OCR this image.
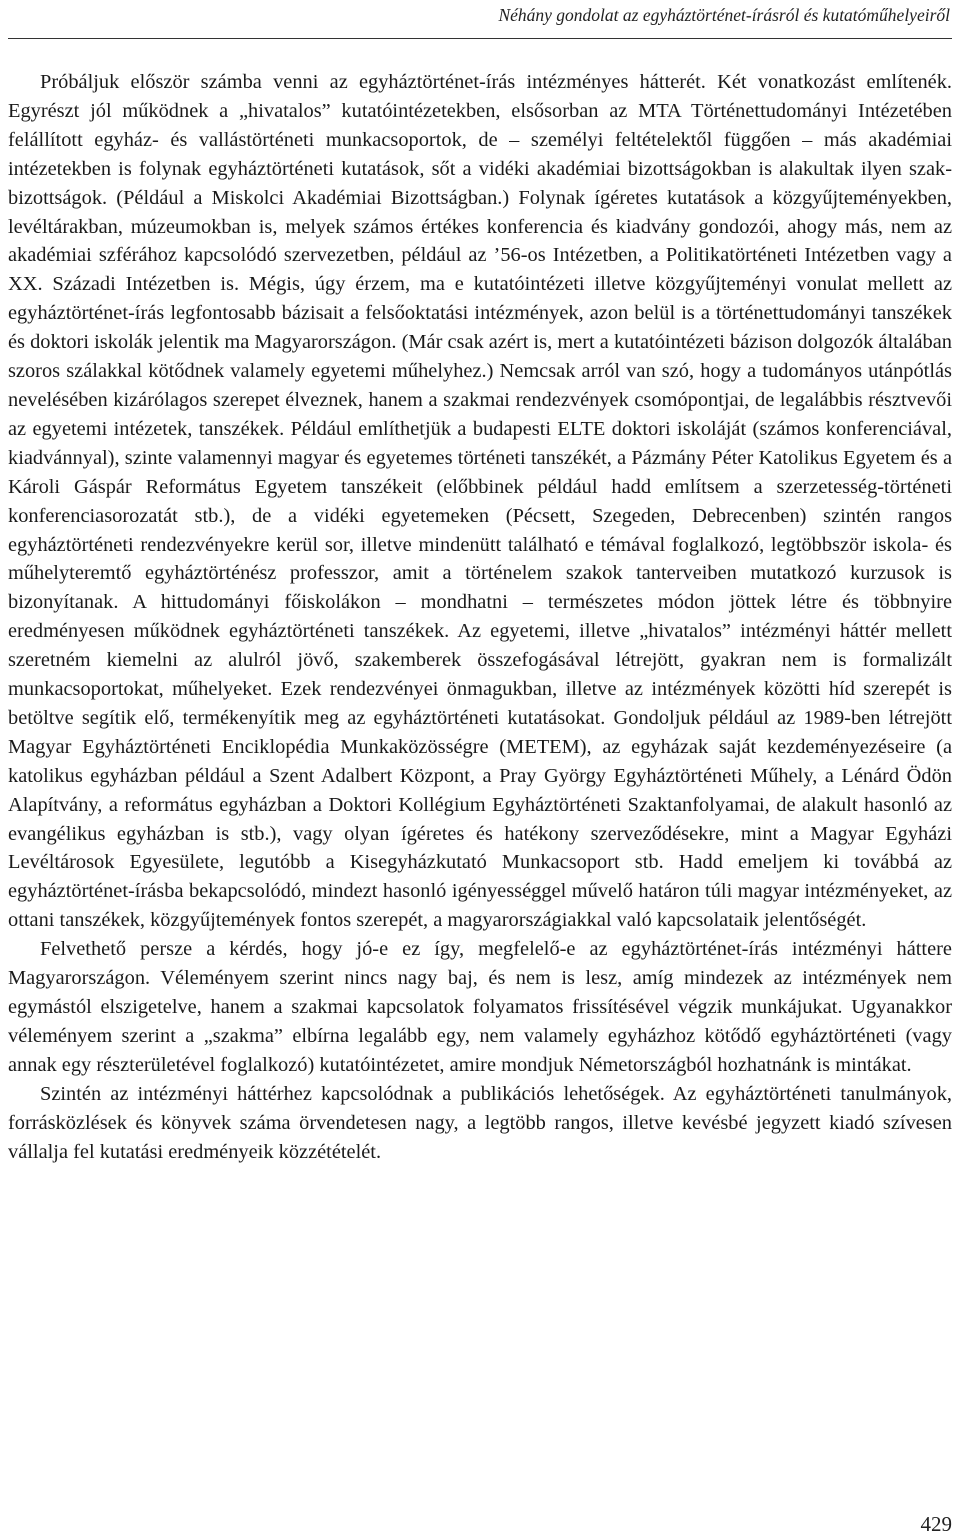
Néhány gondolat az egyháztörténet-írásról és kutatóműhelyeiről

Próbáljuk először számba venni az egyháztörténet-írás intézményes hátterét. Két vonatkozást említenék. Egyrészt jól működnek a „hivatalos” kutatóintézetekben, elsősorban az MTA Történettudományi Intézetében felállított egyház- és vallástörténeti munkacsoportok, de – személyi feltételektől függően – más akadémiai intézetekben is folynak egyháztörténeti kutatások, sőt a vidéki akadémiai bizottságokban is alakultak ilyen szakbizottságok. (Például a Miskolci Akadémiai Bizottságban.) Folynak ígéretes kutatások a közgyűjteményekben, levéltárakban, múzeumokban is, melyek számos értékes konferencia és kiadvány gondozói, ahogy más, nem az akadémiai szférához kapcsolódó szervezetben, például az ’56-os Intézetben, a Politikatörténeti Intézetben vagy a XX. Századi Intézetben is. Mégis, úgy érzem, ma e kutatóintézeti illetve közgyűjteményi vonulat mellett az egyháztörténet-írás legfontosabb bázisait a felsőoktatási intézmények, azon belül is a történettudományi tanszékek és doktori iskolák jelentik ma Magyarországon. (Már csak azért is, mert a kutatóintézeti bázison dolgozók általában szoros szálakkal kötődnek valamely egyetemi műhelyhez.) Nemcsak arról van szó, hogy a tudományos utánpótlás nevelésében kizárólagos szerepet élveznek, hanem a szakmai rendezvények csomópontjai, de legalábbis résztvevői az egyetemi intézetek, tanszékek. Például említhetjük a budapesti ELTE doktori iskoláját (számos konferenciával, kiadvánnyal), szinte valamennyi magyar és egyetemes történeti tanszékét, a Pázmány Péter Katolikus Egyetem és a Károli Gáspár Református Egyetem tanszékeit (előbbinek például hadd említsem a szerzetesség-történeti konferenciasorozatát stb.), de a vidéki egyetemeken (Pécsett, Szegeden, Debrecenben) szintén rangos egyháztörténeti rendezvényekre kerül sor, illetve mindenütt található e témával foglalkozó, legtöbbször iskola- és műhelyteremtő egyháztörténész professzor, amit a történelem szakok tanterveiben mutatkozó kurzusok is bizonyítanak. A hittudományi főiskolákon – mondhatni – természetes módon jöttek létre és többnyire eredményesen működnek egyháztörténeti tanszékek. Az egyetemi, illetve „hivatalos” intézményi háttér mellett szeretném kiemelni az alulról jövő, szakemberek összefogásával létrejött, gyakran nem is formalizált munkacsoportokat, műhelyeket. Ezek rendezvényei önmagukban, illetve az intézmények közötti híd szerepét is betöltve segítik elő, termékenyítik meg az egyháztörténeti kutatásokat. Gondoljuk például az 1989-ben létrejött Magyar Egyháztörténeti Enciklopédia Munkaközösségre (METEM), az egyházak saját kezdeményezéseire (a katolikus egyházban például a Szent Adalbert Központ, a Pray György Egyháztörténeti Műhely, a Lénárd Ödön Alapítvány, a református egyházban a Doktori Kollégium Egyháztörténeti Szaktanfolyamai, de alakult hasonló az evangélikus egyházban is stb.), vagy olyan ígéretes és hatékony szerveződésekre, mint a Magyar Egyházi Levéltárosok Egyesülete, legutóbb a Kisegyházkutató Munkacsoport stb. Hadd emeljem ki továbbá az egyháztörténet-írásba bekapcsolódó, mindezt hasonló igényességgel művelő határon túli magyar intézményeket, az ottani tanszékek, közgyűjtemények fontos szerepét, a magyarországiakkal való kapcsolataik jelentőségét.

Felvethető persze a kérdés, hogy jó-e ez így, megfelelő-e az egyháztörténet-írás intézményi háttere Magyarországon. Véleményem szerint nincs nagy baj, és nem is lesz, amíg mindezek az intézmények nem egymástól elszigetelve, hanem a szakmai kapcsolatok folyamatos frissítésével végzik munkájukat. Ugyanakkor véleményem szerint a „szakma” elbírna legalább egy, nem valamely egyházhoz kötődő egyháztörténeti (vagy annak egy részterületével foglalkozó) kutatóintézetet, amire mondjuk Németországból hozhatnánk is mintákat.

Szintén az intézményi háttérhez kapcsolódnak a publikációs lehetőségek. Az egyháztörténeti tanulmányok, forrásközlések és könyvek száma örvendetesen nagy, a legtöbb rangos, illetve kevésbé jegyzett kiadó szívesen vállalja fel kutatási eredményeik közzétételét.

429
